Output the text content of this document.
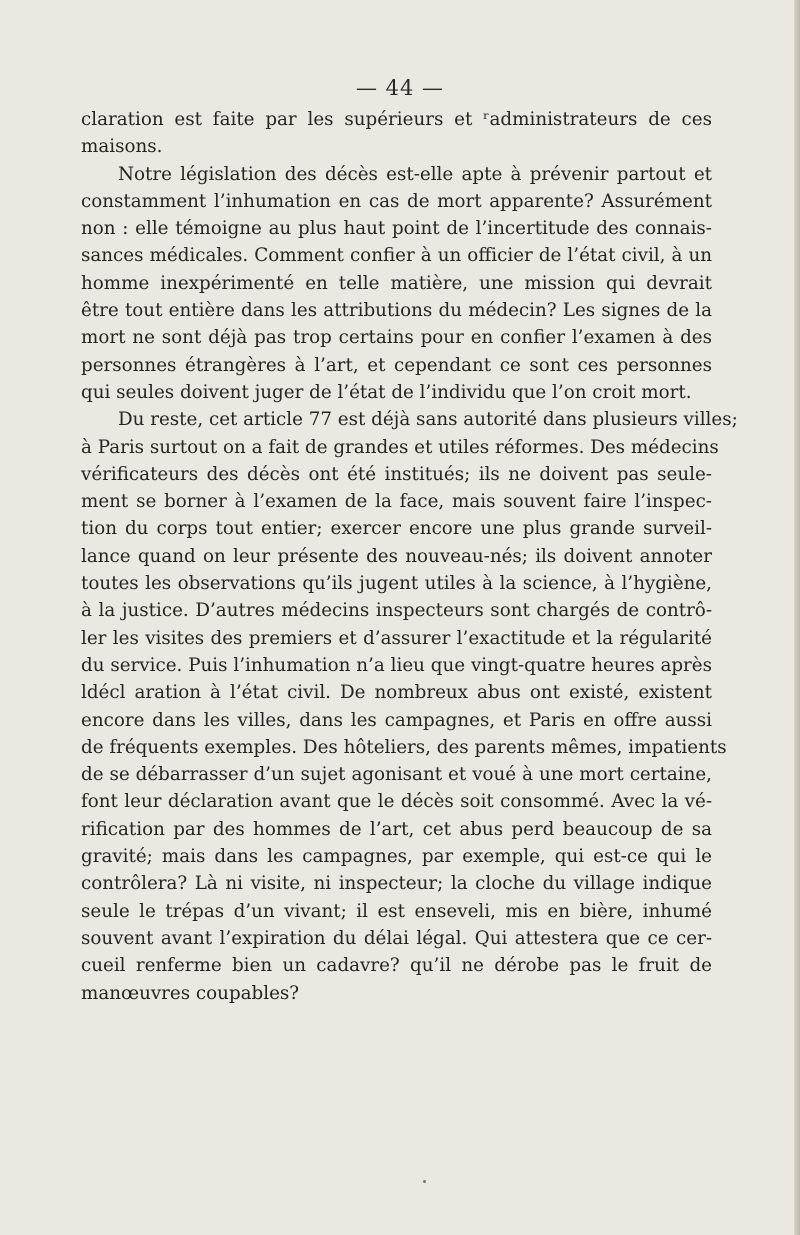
— 44 —
claration est faite par les supérieurs et ʳadministrateurs de ces
maisons.
Notre législation des décès est-elle apte à prévenir partout et
constamment l’inhumation en cas de mort apparente? Assurément
non : elle témoigne au plus haut point de l’incertitude des connais-
sances médicales. Comment confier à un officier de l’état civil, à un
homme inexpérimenté en telle matière, une mission qui devrait
être tout entière dans les attributions du médecin? Les signes de la
mort ne sont déjà pas trop certains pour en confier l’examen à des
personnes étrangères à l’art, et cependant ce sont ces personnes
qui seules doivent juger de l’état de l’individu que l’on croit mort.
Du reste, cet article 77 est déjà sans autorité dans plusieurs villes;
à Paris surtout on a fait de grandes et utiles réformes. Des médecins
vérificateurs des décès ont été institués; ils ne doivent pas seule-
ment se borner à l’examen de la face, mais souvent faire l’inspec-
tion du corps tout entier; exercer encore une plus grande surveil-
lance quand on leur présente des nouveau-nés; ils doivent annoter
toutes les observations qu’ils jugent utiles à la science, à l’hygiène,
à la justice. D’autres médecins inspecteurs sont chargés de contrô-
ler les visites des premiers et d’assurer l’exactitude et la régularité
du service. Puis l’inhumation n’a lieu que vingt-quatre heures après
ldécl aration à l’état civil. De nombreux abus ont existé, existent
encore dans les villes, dans les campagnes, et Paris en offre aussi
de fréquents exemples. Des hôteliers, des parents mêmes, impatients
de se débarrasser d’un sujet agonisant et voué à une mort certaine,
font leur déclaration avant que le décès soit consommé. Avec la vé-
rification par des hommes de l’art, cet abus perd beaucoup de sa
gravité; mais dans les campagnes, par exemple, qui est-ce qui le
contrôlera? Là ni visite, ni inspecteur; la cloche du village indique
seule le trépas d’un vivant; il est enseveli, mis en bière, inhumé
souvent avant l’expiration du délai légal. Qui attestera que ce cer-
cueil renferme bien un cadavre? qu’il ne dérobe pas le fruit de
manœuvres coupables?
